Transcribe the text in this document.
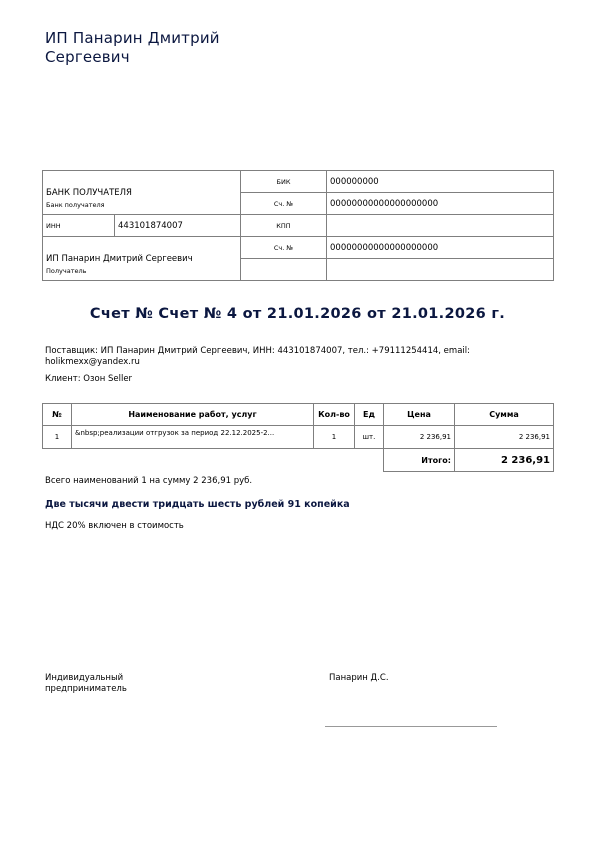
ИП Панарин Дмитрий
Сергеевич
БАНК ПОЛУЧАТЕЛЯ
Банк получателя		БИК	000000000
		Сч. №	00000000000000000000
ИНН	443101874007	КПП	

ИП Панарин Дмитрий Сергеевич
Получатель		Сч. №	00000000000000000000

Счет № Счет № 4 от 21.01.2026 от 21.01.2026 г.
Поставщик: ИП Панарин Дмитрий Сергеевич, ИНН: 443101874007, тел.: +79111254414, email:
holikmexx@yandex.ru
Клиент: Озон Seller
№	Наименование работ, услуг	Кол-во	Ед	Цена	Сумма
1	&nbsp;реализации отгрузок за период 22.12.2025-2...	1	шт.	2 236,91	2 236,91
				Итого:	2 236,91
Всего наименований 1 на сумму 2 236,91 руб.
Две тысячи двести тридцать шесть рублей 91 копейка
НДС 20% включен в стоимость
Индивидуальный
предприниматель
Панарин Д.С.
